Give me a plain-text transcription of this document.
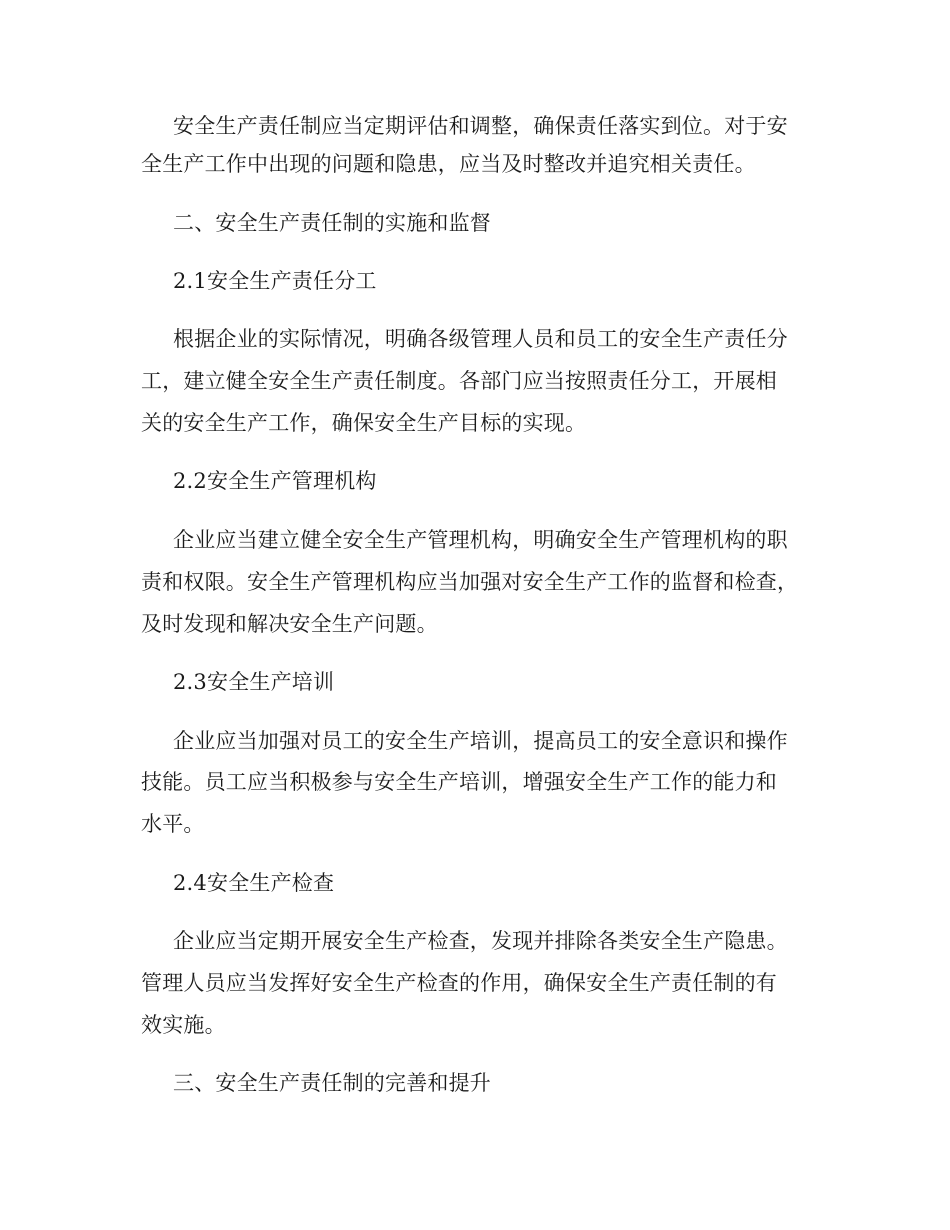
安全生产责任制应当定期评估和调整，确保责任落实到位。对于安
全生产工作中出现的问题和隐患，应当及时整改并追究相关责任。
二、安全生产责任制的实施和监督
2.1安全生产责任分工
根据企业的实际情况，明确各级管理人员和员工的安全生产责任分
工，建立健全安全生产责任制度。各部门应当按照责任分工，开展相
关的安全生产工作，确保安全生产目标的实现。
2.2安全生产管理机构
企业应当建立健全安全生产管理机构，明确安全生产管理机构的职
责和权限。安全生产管理机构应当加强对安全生产工作的监督和检查，
及时发现和解决安全生产问题。
2.3安全生产培训
企业应当加强对员工的安全生产培训，提高员工的安全意识和操作
技能。员工应当积极参与安全生产培训，增强安全生产工作的能力和
水平。
2.4安全生产检查
企业应当定期开展安全生产检查，发现并排除各类安全生产隐患。
管理人员应当发挥好安全生产检查的作用，确保安全生产责任制的有
效实施。
三、安全生产责任制的完善和提升
